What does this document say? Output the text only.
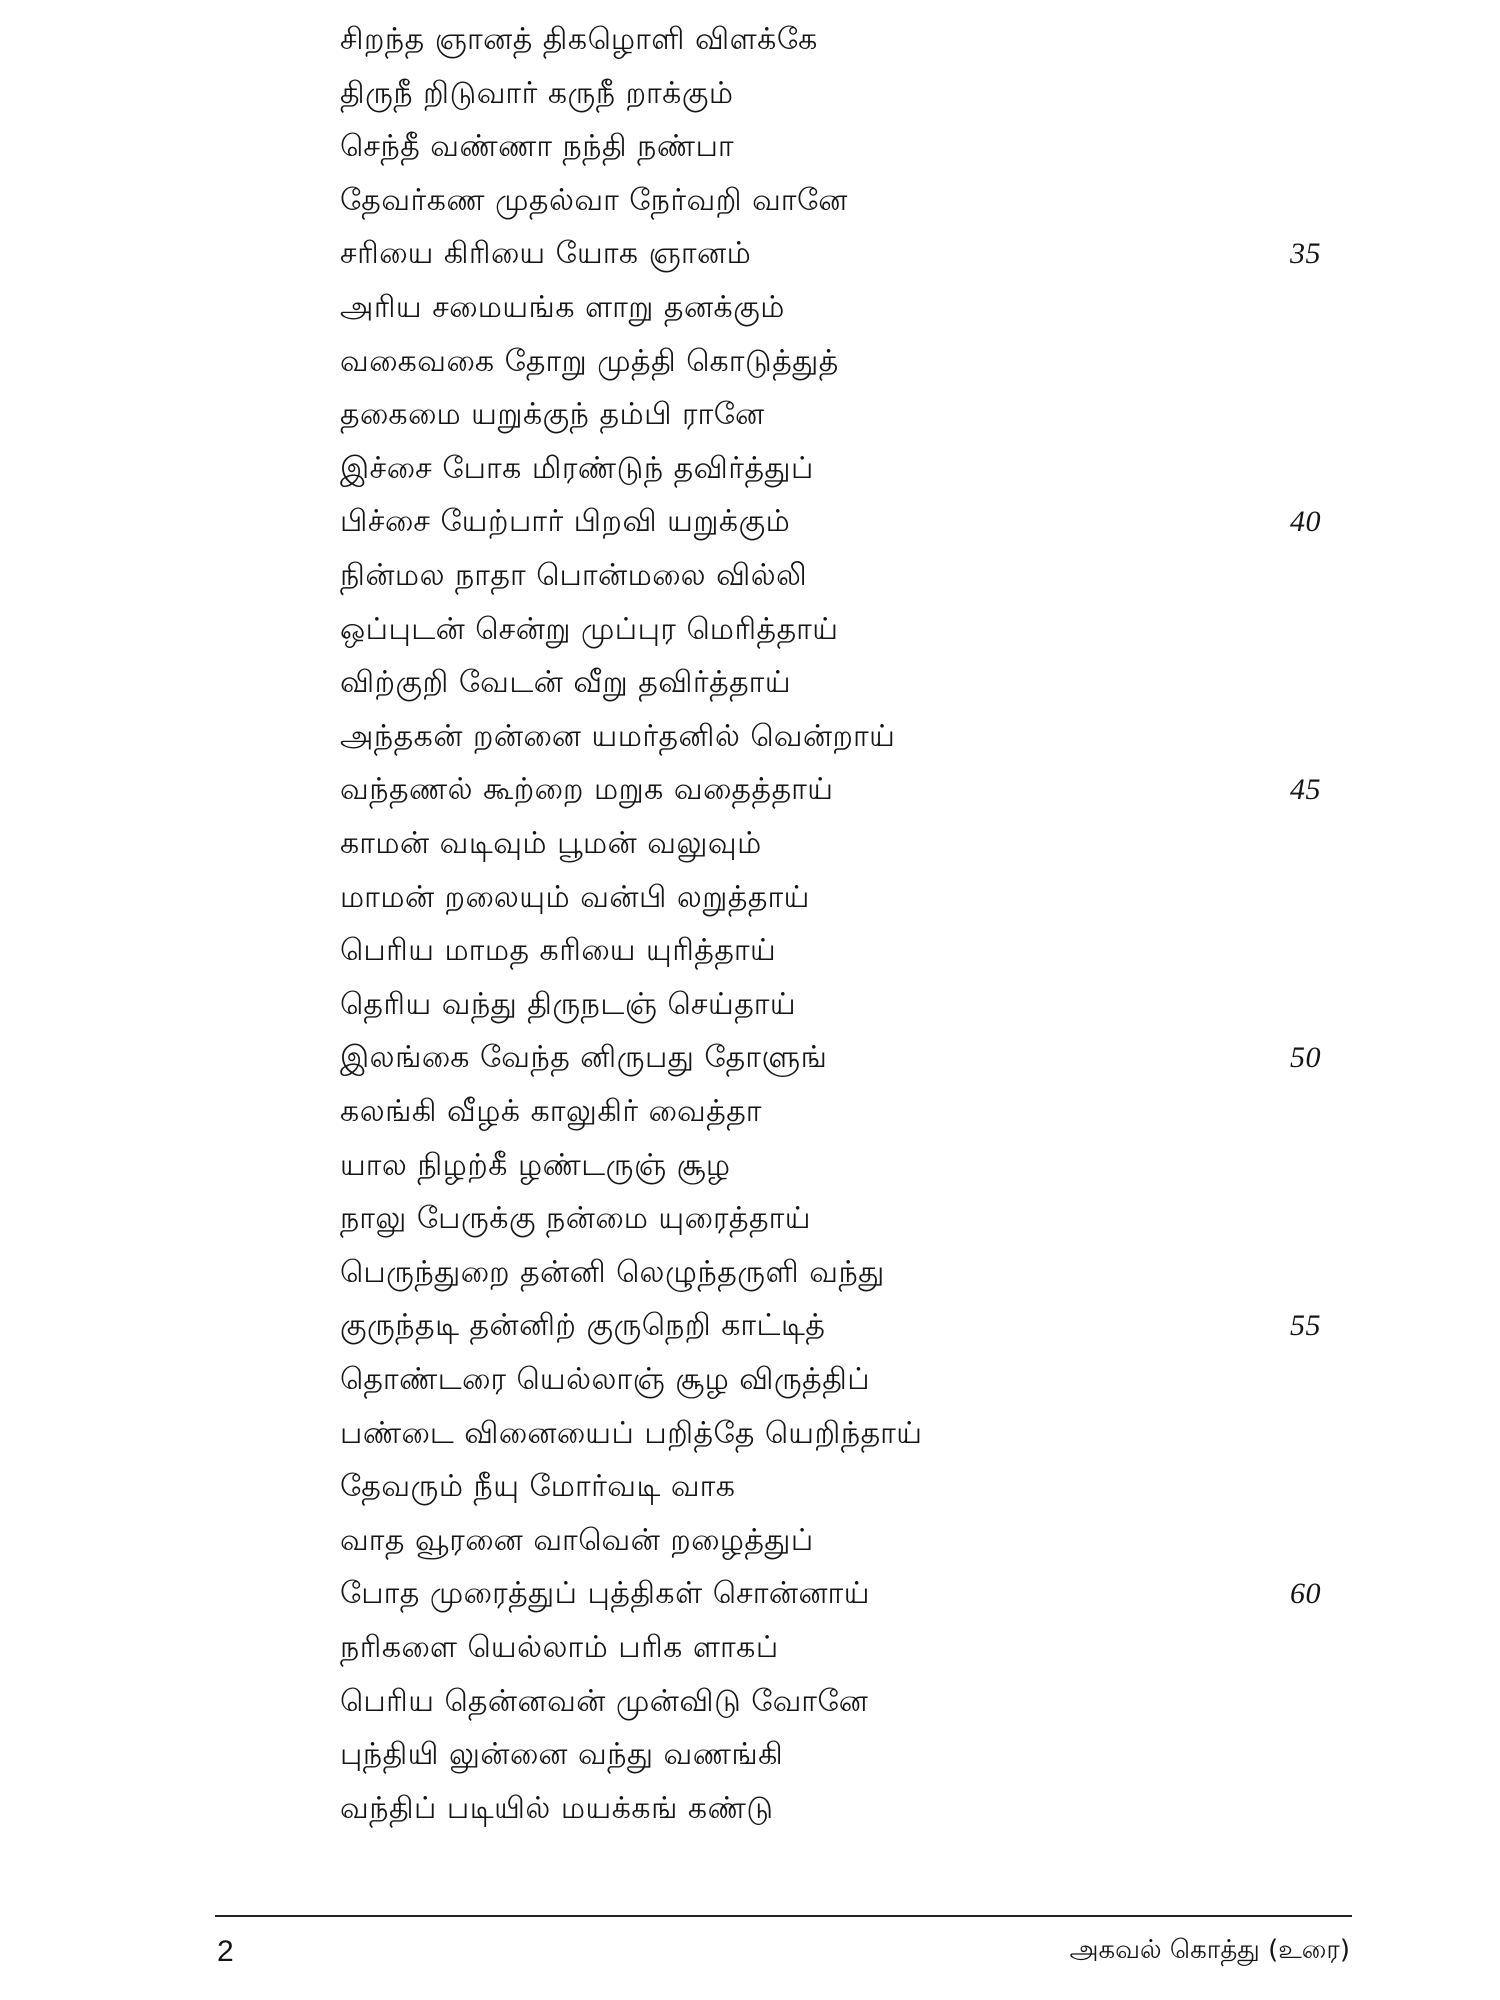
சிறந்த ஞானத் திகழொளி விளக்கே
திருநீ றிடுவார் கருநீ றாக்கும்
செந்தீ வண்ணா நந்தி நண்பா
தேவர்கண முதல்வா நேர்வறி வானே
சரியை கிரியை யோக ஞானம்	35
அரிய சமையங்க ளாறு தனக்கும்
வகைவகை தோறு முத்தி கொடுத்துத்
தகைமை யறுக்குந் தம்பி ரானே
இச்சை போக மிரண்டுந் தவிர்த்துப்
பிச்சை யேற்பார் பிறவி யறுக்கும்	40
நின்மல நாதா பொன்மலை வில்லி
ஒப்புடன் சென்று முப்புர மெரித்தாய்
விற்குறி வேடன் வீறு தவிர்த்தாய்
அந்தகன் றன்னை யமர்தனில் வென்றாய்
வந்தணல் கூற்றை மறுக வதைத்தாய்	45
காமன் வடிவும் பூமன் வலுவும்
மாமன் றலையும் வன்பி லறுத்தாய்
பெரிய மாமத கரியை யுரித்தாய்
தெரிய வந்து திருநடஞ் செய்தாய்
இலங்கை வேந்த னிருபது தோளுங்	50
கலங்கி வீழக் காலுகிர் வைத்தா
யால நிழற்கீ ழண்டருஞ் சூழ
நாலு பேருக்கு நன்மை யுரைத்தாய்
பெருந்துறை தன்னி லெழுந்தருளி வந்து
குருந்தடி தன்னிற் குருநெறி காட்டித்	55
தொண்டரை யெல்லாஞ் சூழ விருத்திப்
பண்டை வினையைப் பறித்தே யெறிந்தாய்
தேவரும் நீயு மோர்வடி வாக
வாத வூரனை வாவென் றழைத்துப்
போத முரைத்துப் புத்திகள் சொன்னாய்	60
நரிகளை யெல்லாம் பரிக ளாகப்
பெரிய தென்னவன் முன்விடு வோனே
புந்தியி லுன்னை வந்து வணங்கி
வந்திப் படியில் மயக்கங் கண்டு
2	அகவல் கொத்து (உரை)
